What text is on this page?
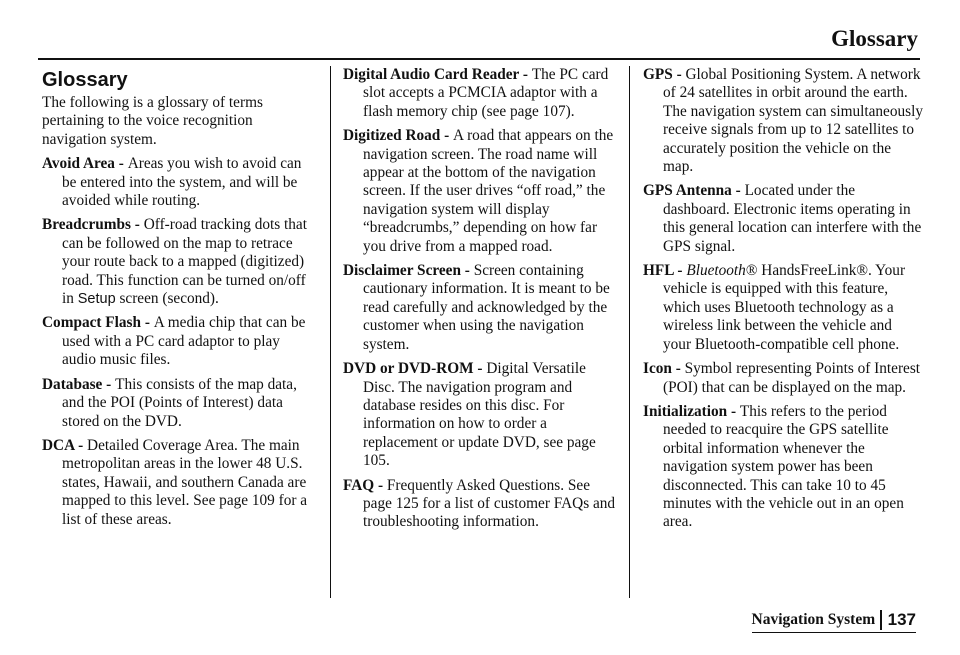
Glossary
Glossary

The following is a glossary of terms pertaining to the voice recognition navigation system.

Avoid Area - Areas you wish to avoid can be entered into the system, and will be avoided while routing.

Breadcrumbs - Off-road tracking dots that can be followed on the map to retrace your route back to a mapped (digitized) road. This function can be turned on/off in Setup screen (second).

Compact Flash - A media chip that can be used with a PC card adaptor to play audio music files.

Database - This consists of the map data, and the POI (Points of Interest) data stored on the DVD.

DCA - Detailed Coverage Area. The main metropolitan areas in the lower 48 U.S. states, Hawaii, and southern Canada are mapped to this level. See page 109 for a list of these areas.

Digital Audio Card Reader - The PC card slot accepts a PCMCIA adaptor with a flash memory chip (see page 107).

Digitized Road - A road that appears on the navigation screen. The road name will appear at the bottom of the navigation screen. If the user drives “off road,” the navigation system will display “breadcrumbs,” depending on how far you drive from a mapped road.

Disclaimer Screen - Screen containing cautionary information. It is meant to be read carefully and acknowledged by the customer when using the navigation system.

DVD or DVD-ROM - Digital Versatile Disc. The navigation program and database resides on this disc. For information on how to order a replacement or update DVD, see page 105.

FAQ - Frequently Asked Questions. See page 125 for a list of customer FAQs and troubleshooting information.

GPS - Global Positioning System. A network of 24 satellites in orbit around the earth. The navigation system can simultaneously receive signals from up to 12 satellites to accurately position the vehicle on the map.

GPS Antenna - Located under the dashboard. Electronic items operating in this general location can interfere with the GPS signal.

HFL - Bluetooth® HandsFreeLink®. Your vehicle is equipped with this feature, which uses Bluetooth technology as a wireless link between the vehicle and your Bluetooth-compatible cell phone.

Icon - Symbol representing Points of Interest (POI) that can be displayed on the map.

Initialization - This refers to the period needed to reacquire the GPS satellite orbital information whenever the navigation system power has been disconnected. This can take 10 to 45 minutes with the vehicle out in an open area.

Navigation System 137
